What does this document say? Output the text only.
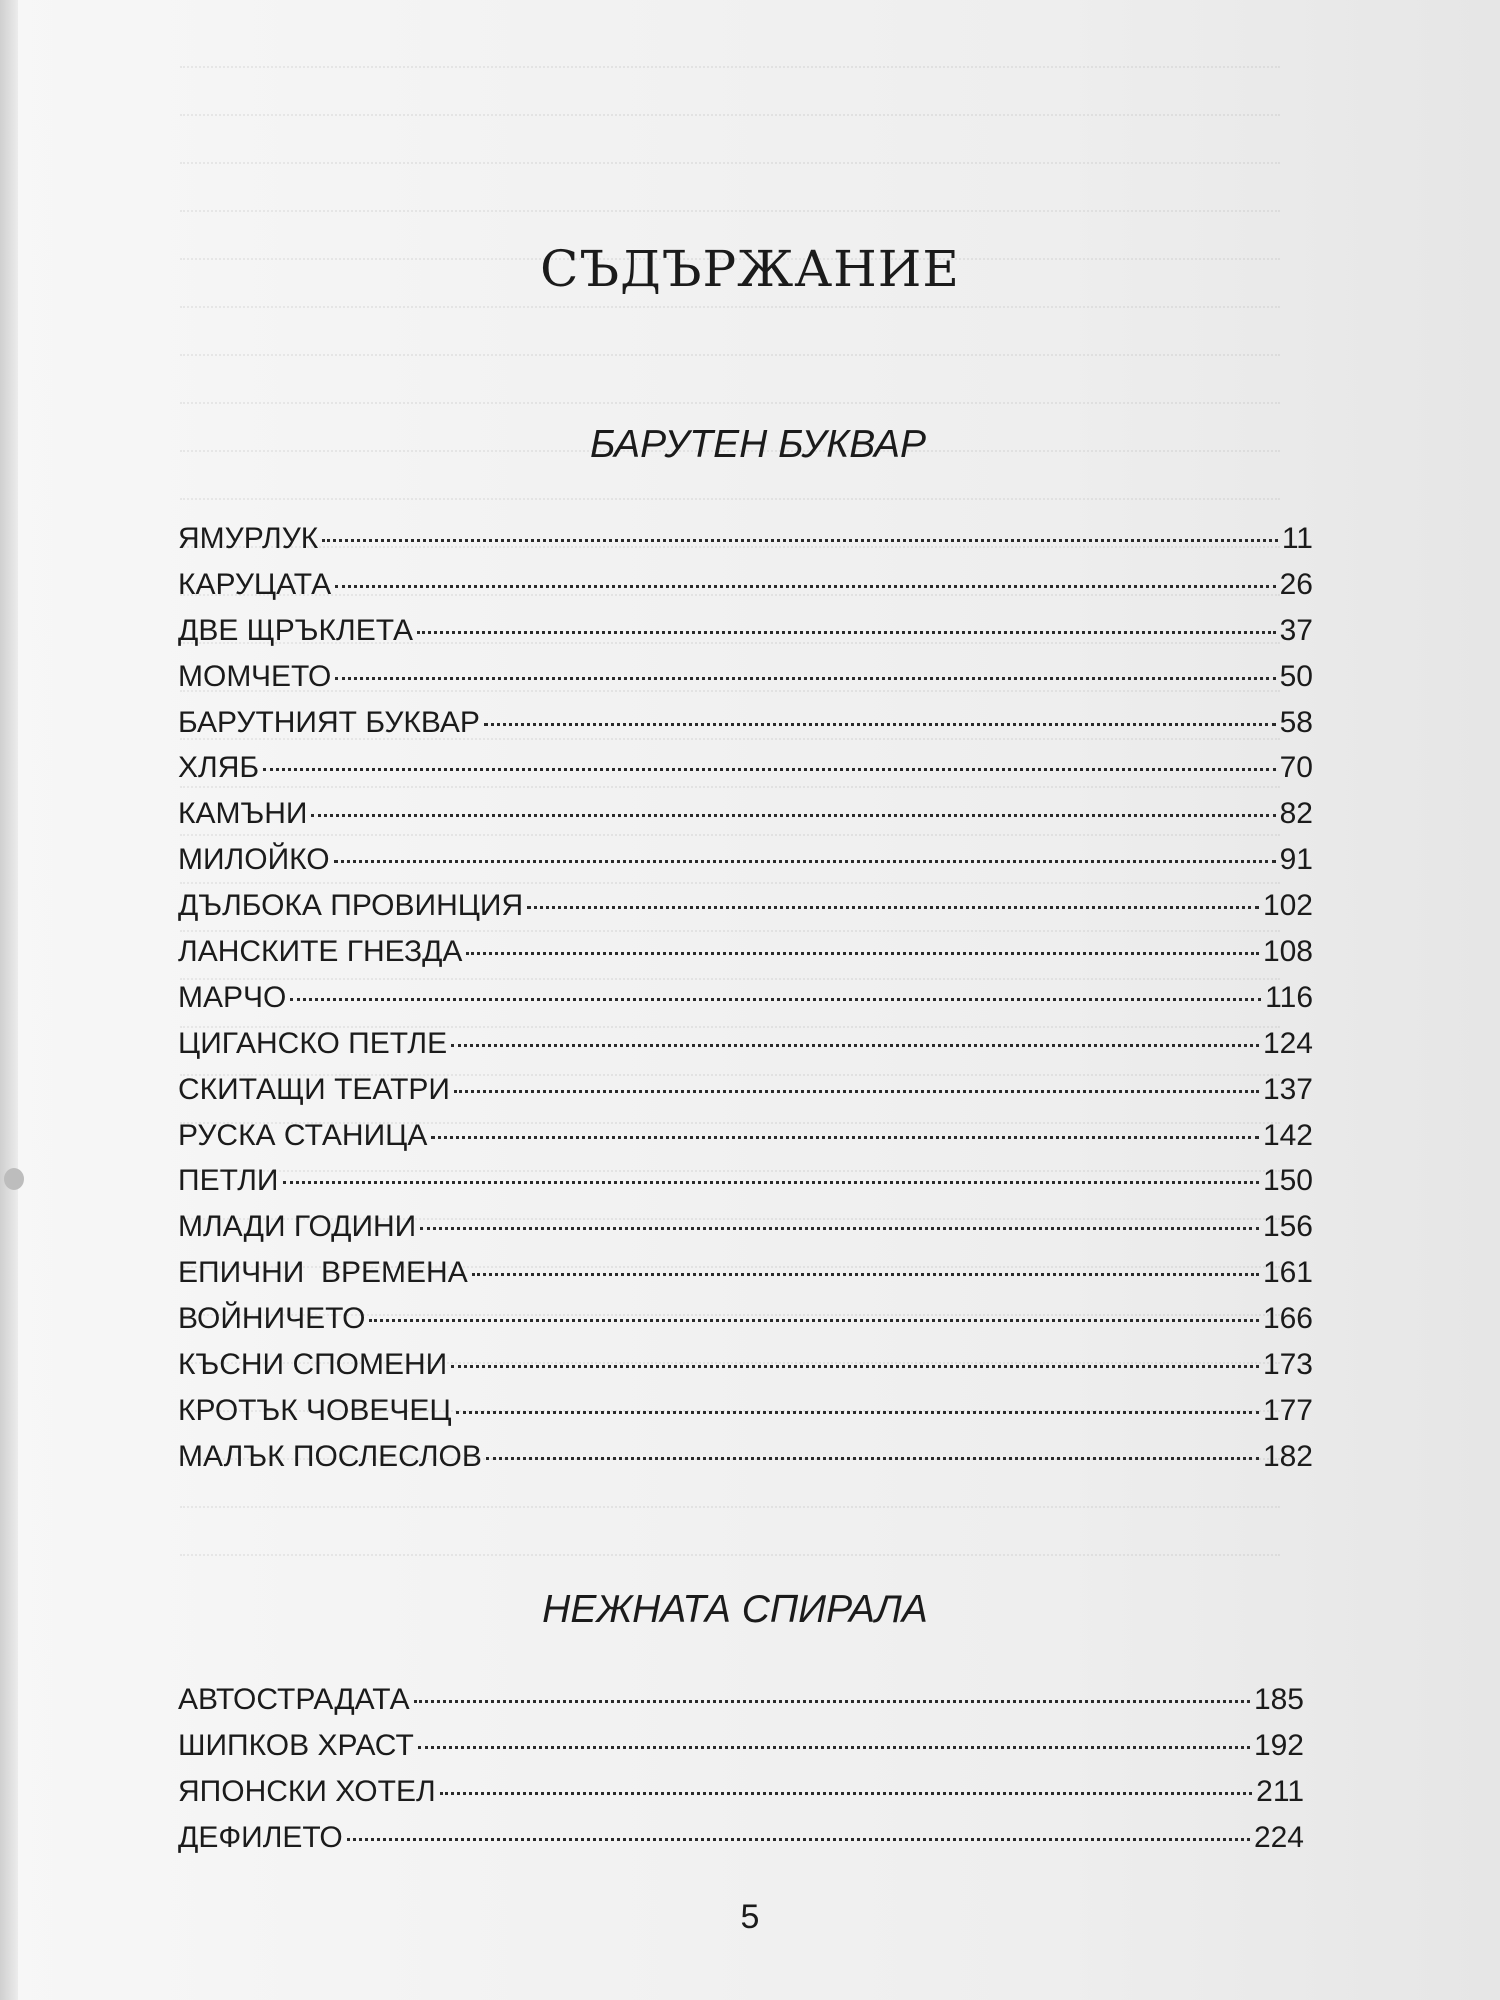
СЪДЪРЖАНИЕ
БАРУТЕН БУКВАР
ЯМУРЛУК	11
КАРУЦАТА	26
ДВЕ ЩРЪКЛЕТА	37
МОМЧЕТО	50
БАРУТНИЯТ БУКВАР	58
ХЛЯБ	70
КАМЪНИ	82
МИЛОЙКО	91
ДЪЛБОКА ПРОВИНЦИЯ	102
ЛАНСКИТЕ ГНЕЗДА	108
МАРЧО	116
ЦИГАНСКО ПЕТЛЕ	124
СКИТАЩИ ТЕАТРИ	137
РУСКА СТАНИЦА	142
ПЕТЛИ	150
МЛАДИ ГОДИНИ	156
ЕПИЧНИ  ВРЕМЕНА	161
ВОЙНИЧЕТО	166
КЪСНИ СПОМЕНИ	173
КРОТЪК ЧОВЕЧЕЦ	177
МАЛЪК ПОСЛЕСЛОВ	182
НЕЖНАТА СПИРАЛА
АВТОСТРАДАТА	185
ШИПКОВ ХРАСТ	192
ЯПОНСКИ ХОТЕЛ	211
ДЕФИЛЕТО	224
5
